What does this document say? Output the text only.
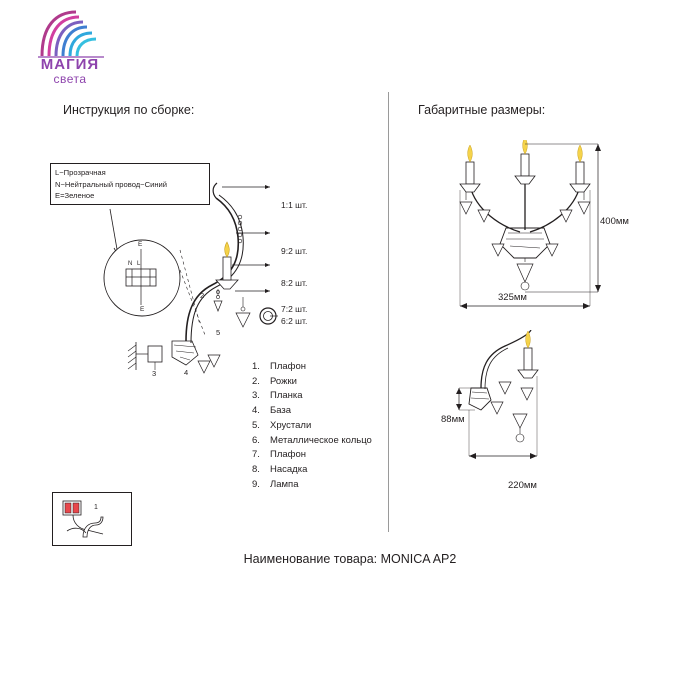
МАГИЯ
света
Инструкция по сборке:	Габаритные размеры:
L−Прозрачная
N−Нейтральный провод−Синий
E=Зеленое
N L
E
E
3	4
2
5
1:1 шт.
9:2 шт.
8:2 шт.
7:2 шт.
6:2 шт.
1. Плафон
2. Рожки
3. Планка
4. База
5. Хрустали
6. Металлическое кольцо
7. Плафон
8. Насадка
9. Лампа
1
400мм
325мм
88мм
220мм
Наименование товара: MONICA AP2
